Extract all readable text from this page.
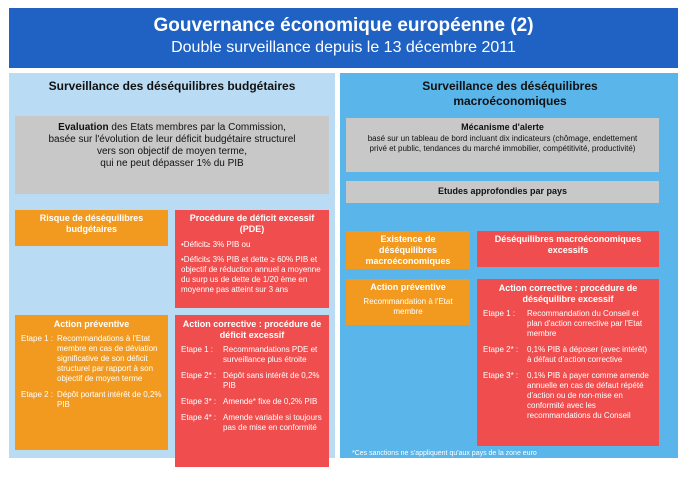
Gouvernance économique européenne (2)
Double surveillance depuis le 13 décembre 2011
Surveillance des déséquilibres budgétaires
Evaluation des Etats membres par la Commission,
basée sur l'évolution de leur déficit budgétaire structurel
vers son objectif de moyen terme,
qui ne peut dépasser 1% du PIB
Risque de déséquilibres budgétaires
Procédure de déficit excessif (PDE)
•Déficit≥ 3% PIB ou
•Déficit≤ 3% PIB et dette ≥ 60% PIB et objectif de réduction annuel a moyenne du surp us de dette de 1/20 ème en moyenne pas atteint sur 3 ans
Action préventive
Etape 1 : Recommandations à l'Etat membre en cas de déviation significative de son déficit structurel par rapport à son objectif de moyen terme
Etape 2 : Dépôt portant intérêt de 0,2% PIB
Action corrective : procédure de déficit excessif
Etape 1 :	Recommandations PDE et surveillance plus étroite
Etape 2* : Dépôt sans intérêt de 0,2% PIB
Etape 3* : Amende* fixe de 0,2% PIB
Etape 4* : Amende variable si toujours pas de mise en conformité
Surveillance des déséquilibres macroéconomiques
Mécanisme d'alerte
basé sur un tableau de bord incluant dix indicateurs (chômage, endettement privé et public, tendances du marché immobilier, compétitivité, productivité)
Etudes approfondies par pays
Existence de déséquilibres macroéconomiques
Déséquilibres macroéconomiques excessifs
Action préventive
Recommandation à l'Etat membre
Action corrective : procédure de déséquilibre excessif
Etape 1 :	Recommandation du Conseil et plan d'action corrective par l'Etat membre
Etape 2* :	0,1% PIB à déposer (avec intérêt) à défaut d'action corrective
Etape 3* :	0,1% PIB à payer comme amende annuelle en cas de défaut répété d'action ou de non-mise en conformité avec les recommandations du Conseil
*Ces sanctions ne s'appliquent qu'aux pays de la zone euro
